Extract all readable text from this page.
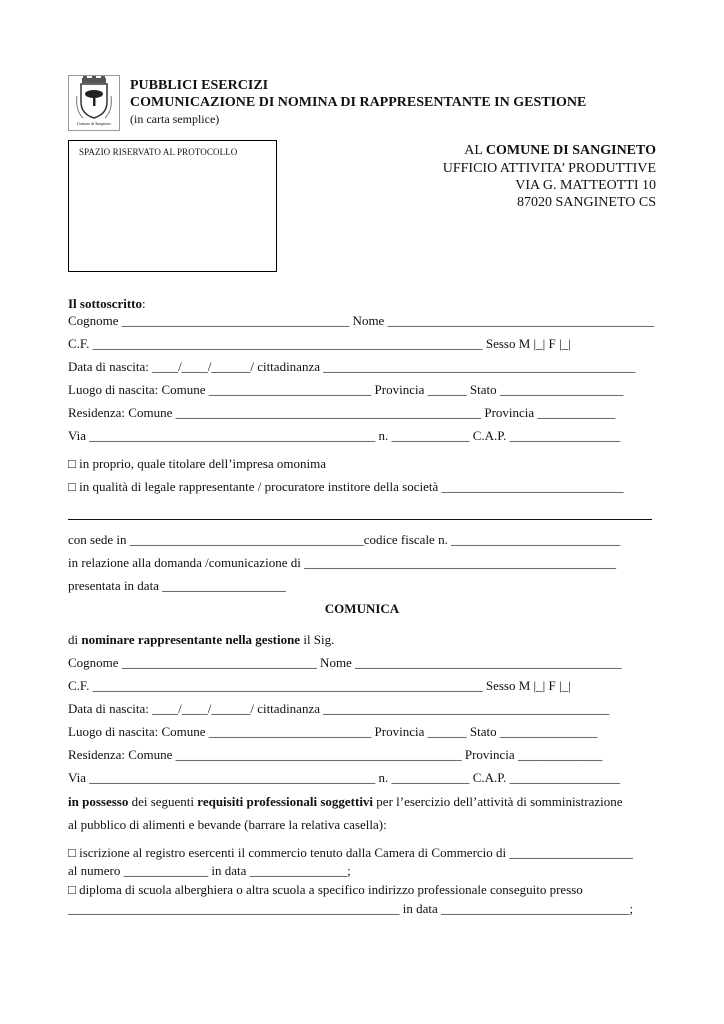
Comune di Sangineto
PUBBLICI ESERCIZI
COMUNICAZIONE DI NOMINA DI RAPPRESENTANTE IN GESTIONE
(in carta semplice)
SPAZIO RISERVATO AL PROTOCOLLO	AL COMUNE DI SANGINETO
UFFICIO ATTIVITA’ PRODUTTIVE
VIA G. MATTEOTTI 10
87020 SANGINETO CS
Il sottoscritto:
Cognome ___________________________________ Nome _________________________________________
C.F. ____________________________________________________________ Sesso M |_| F |_|
Data di nascita: ____/____/______/ cittadinanza ________________________________________________
Luogo di nascita: Comune _________________________ Provincia ______ Stato ___________________
Residenza: Comune _______________________________________________ Provincia ____________
Via ____________________________________________ n. ____________ C.A.P. _________________
□ in proprio, quale titolare dell’impresa omonima
□ in qualità di legale rappresentante / procuratore institore della società ____________________________
con sede in ____________________________________codice fiscale n. __________________________
in relazione alla domanda /comunicazione di ________________________________________________
presentata in data ___________________
COMUNICA
di nominare rappresentante nella gestione il Sig.
Cognome ______________________________ Nome _________________________________________
C.F. ____________________________________________________________ Sesso M |_| F |_|
Data di nascita: ____/____/______/ cittadinanza ____________________________________________
Luogo di nascita: Comune _________________________ Provincia ______ Stato _______________
Residenza: Comune ____________________________________________ Provincia _____________
Via ____________________________________________ n. ____________ C.A.P. _________________
in possesso dei seguenti requisiti professionali soggettivi per l’esercizio dell’attività di somministrazione
al pubblico di alimenti e bevande (barrare la relativa casella):
□ iscrizione al registro esercenti il commercio tenuto dalla Camera di Commercio di ___________________
al numero _____________ in data _______________;
□ diploma di scuola alberghiera o altra scuola a specifico indirizzo professionale conseguito presso
___________________________________________________ in data _____________________________;
